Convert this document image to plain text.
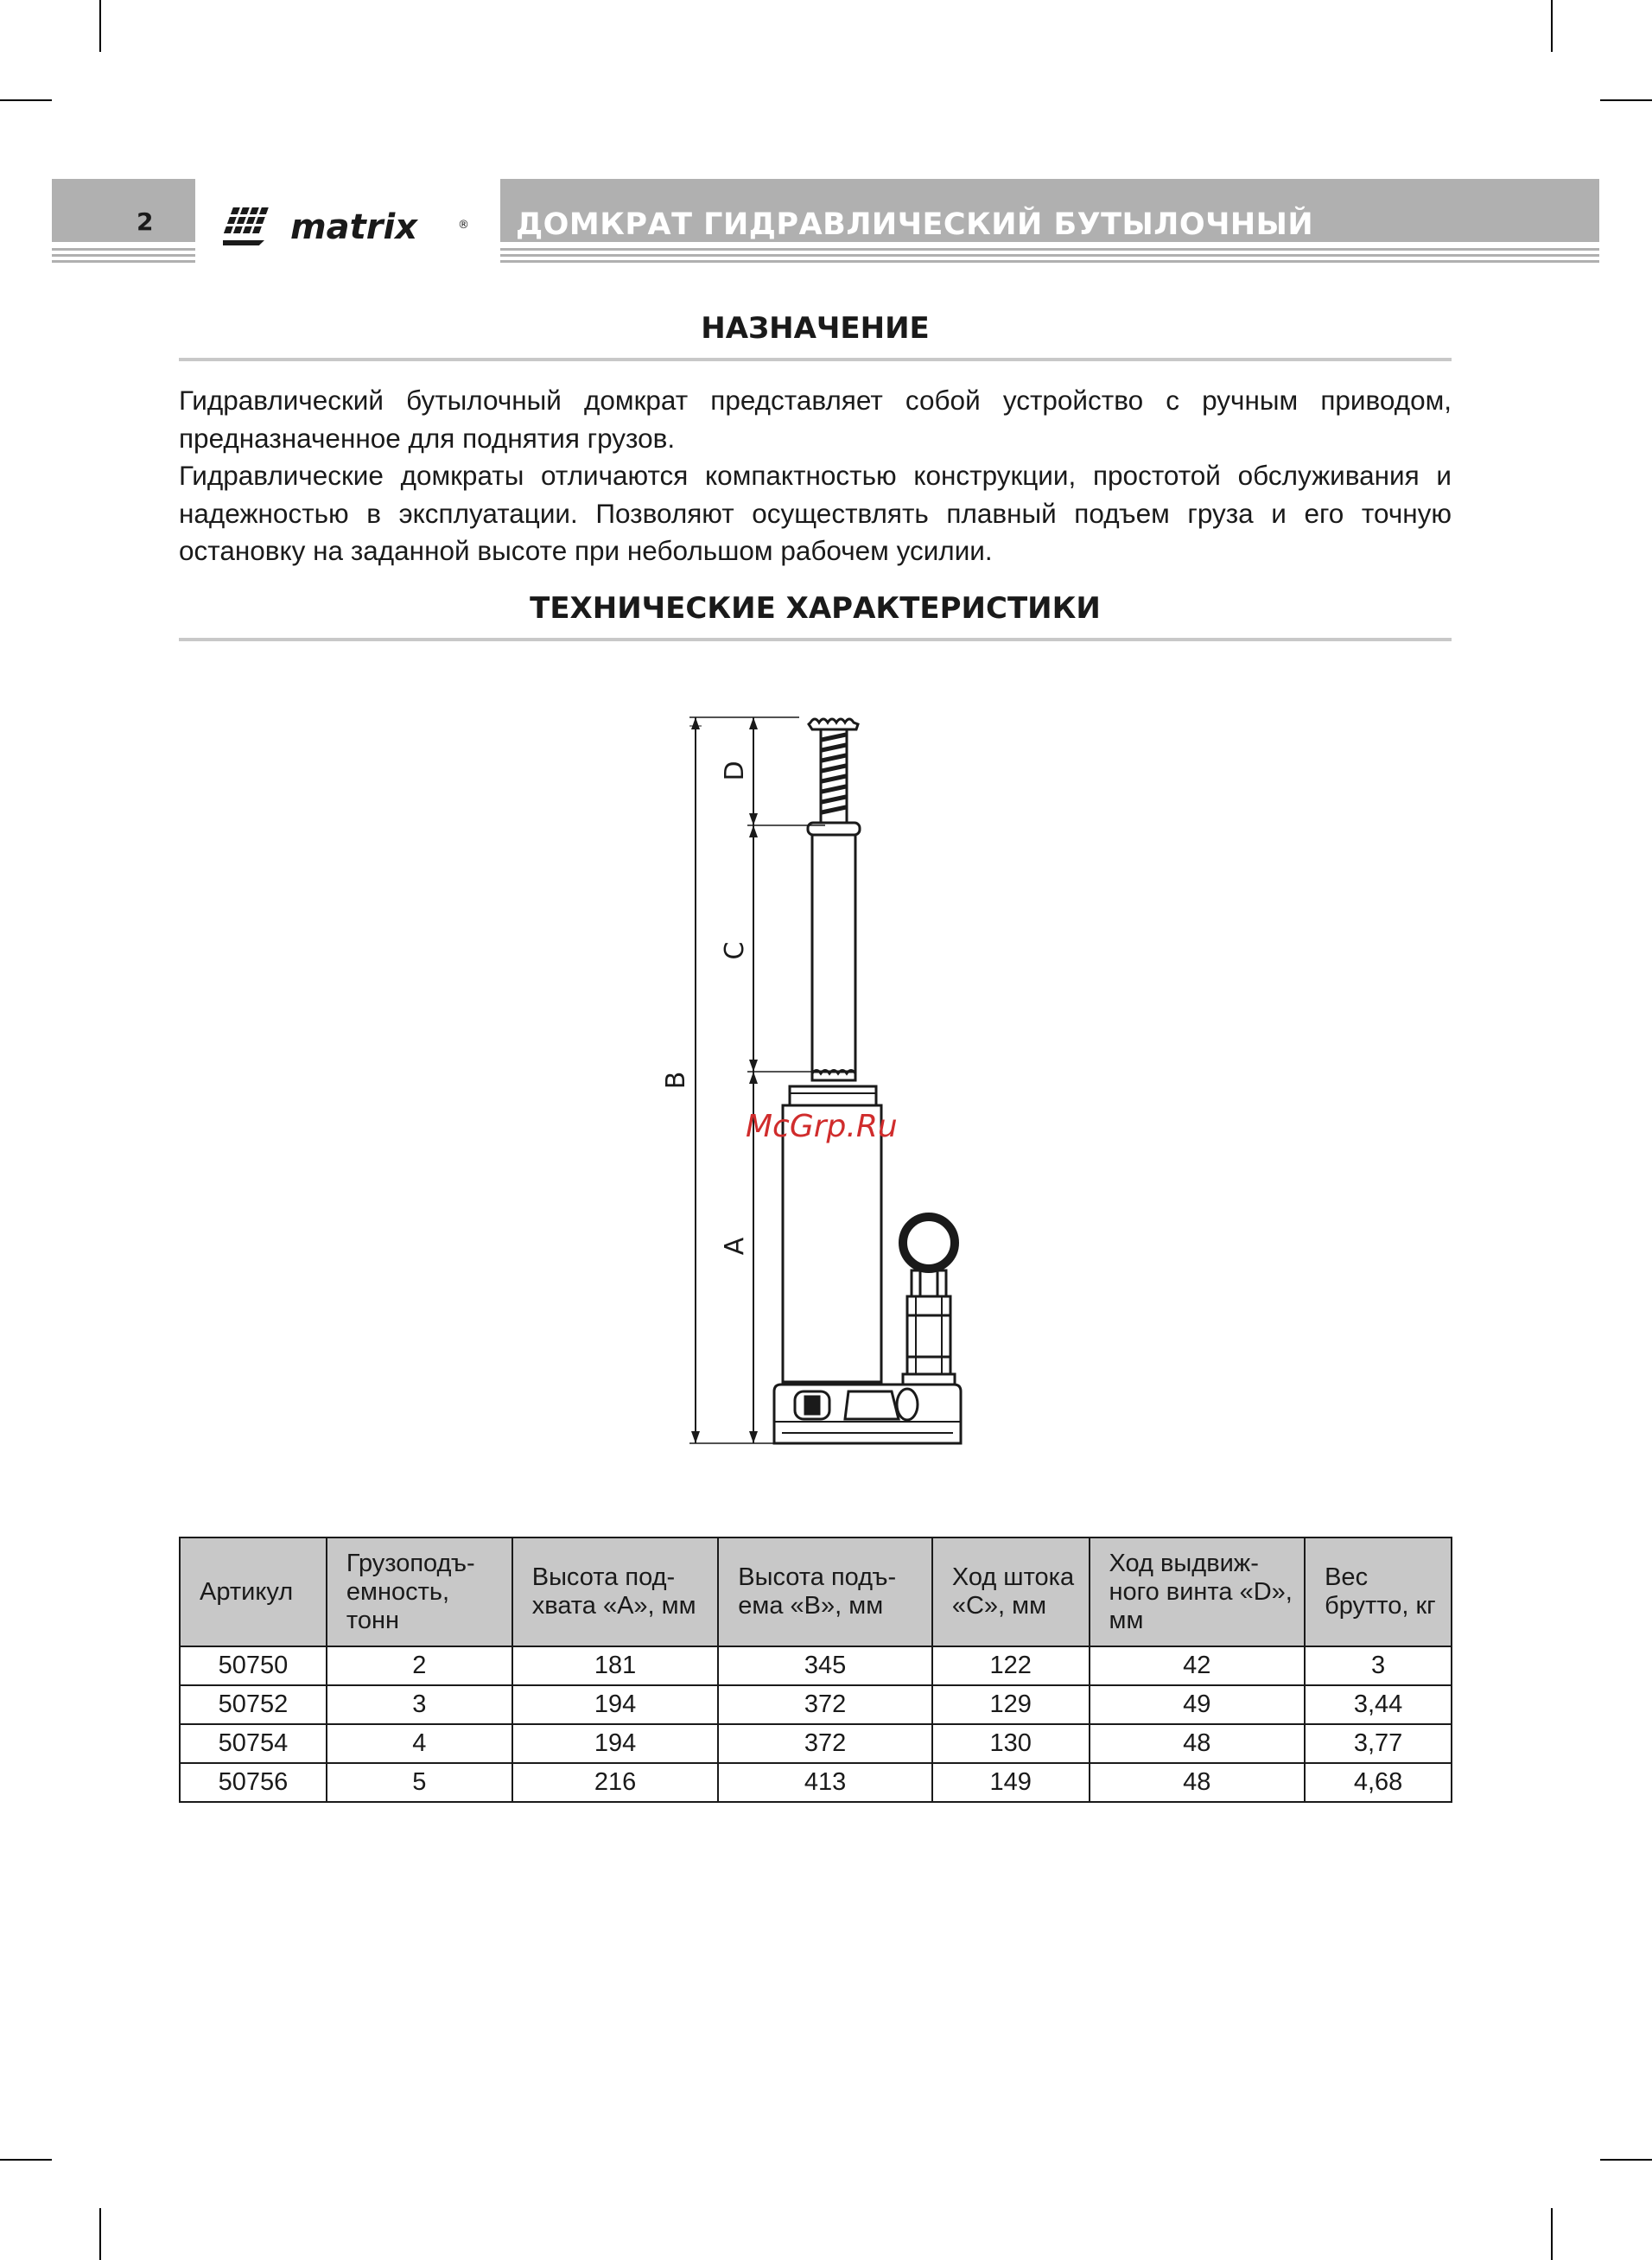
2	matrix	® ДОМКРАТ ГИДРАВЛИЧЕСКИЙ БУТЫЛОЧНЫЙ
НАЗНАЧЕНИЕ

Гидравлический бутылочный домкрат представляет собой устройство с ручным приводом, предназначенное для поднятия грузов.

Гидравлические домкраты отличаются компактностью конструкции, простотой обслуживания и надежностью в эксплуатации. Позволяют осуществлять плавный подъем груза и его точную остановку на заданной высоте при небольшом рабочем усилии.

ТЕХНИЧЕСКИЕ ХАРАКТЕРИСТИКИ
B
D
C
A
McGrp.Ru
Артикул	Грузоподъ- емность, тонн	Высота под- хвата «А», мм	Высота подъ- ема «В», мм	Ход штока «С», мм	Ход выдвиж- ного винта «D», мм	Вес брутто, кг
50750	2	181	345	122	42	3
50752	3	194	372	129	49	3,44
50754	4	194	372	130	48	3,77
50756	5	216	413	149	48	4,68
